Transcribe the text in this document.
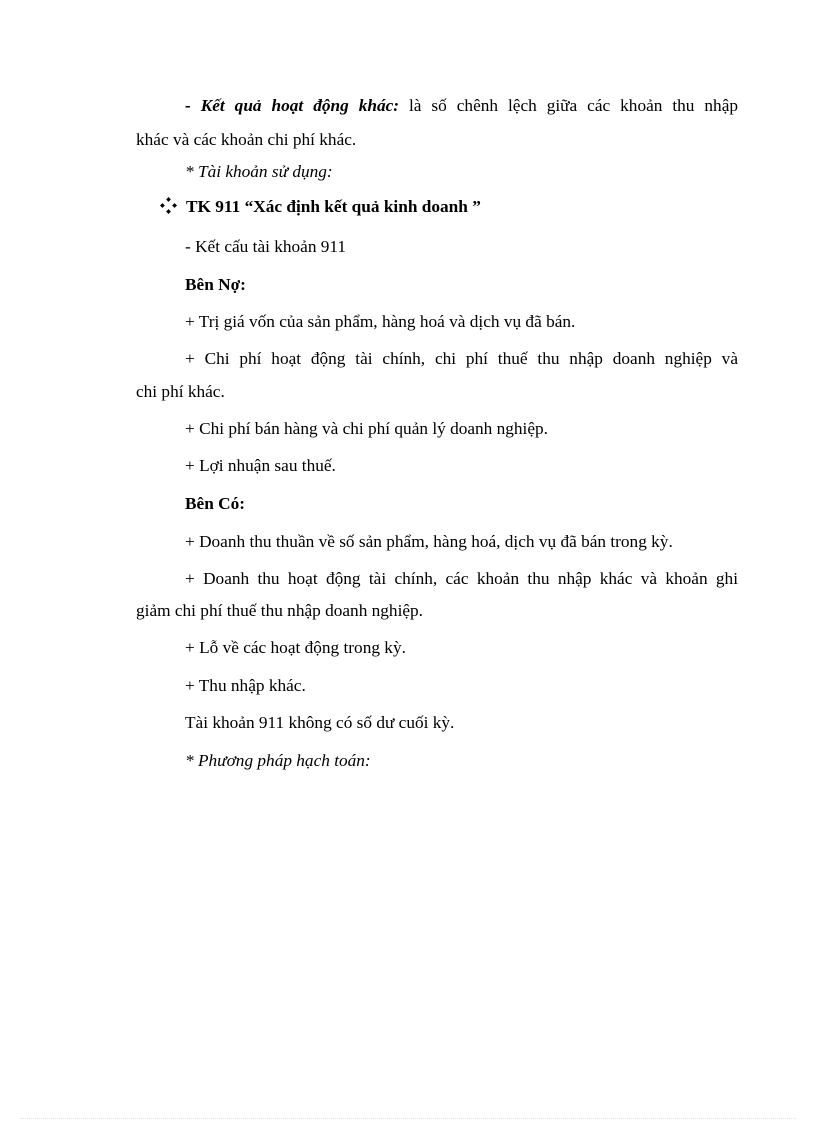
- Kết quả hoạt động khác: là số chênh lệch giữa các khoản thu nhập
khác và các khoản chi phí khác.
* Tài khoản sử dụng:
TK 911 “Xác định kết quả kinh doanh ”
- Kết cấu tài khoản 911
Bên Nợ:
+ Trị giá vốn của sản phẩm, hàng hoá và dịch vụ đã bán.
+ Chi phí hoạt động tài chính, chi phí thuế thu nhập doanh nghiệp và
chi phí khác.
+ Chi phí bán hàng và chi phí quản lý doanh nghiệp.
+ Lợi nhuận sau thuế.
Bên Có:
+ Doanh thu thuần về số sản phẩm, hàng hoá, dịch vụ đã bán trong kỳ.
+ Doanh thu hoạt động tài chính, các khoản thu nhập khác và khoản ghi
giảm chi phí thuế thu nhập doanh nghiệp.
+ Lỗ về các hoạt động trong kỳ.
+ Thu nhập khác.
Tài khoản 911 không có số dư cuối kỳ.
* Phương pháp hạch toán:
